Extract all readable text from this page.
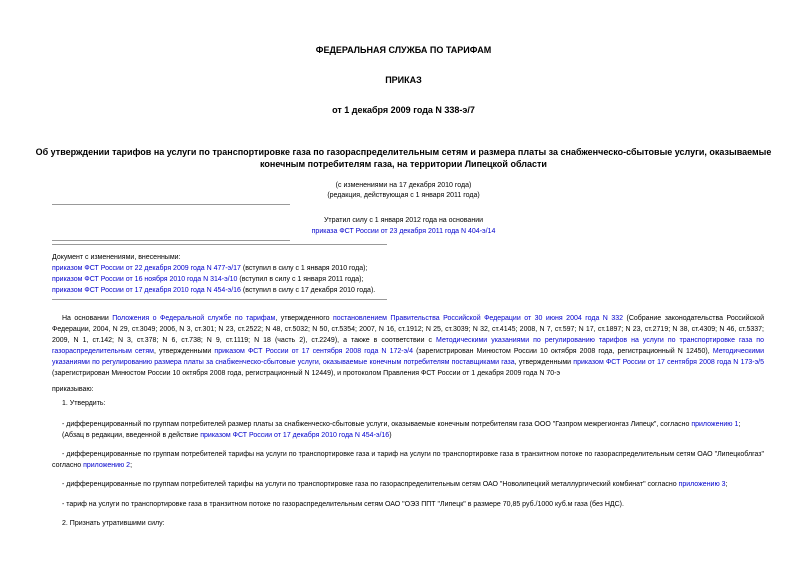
ФЕДЕРАЛЬНАЯ СЛУЖБА ПО ТАРИФАМ
ПРИКАЗ
от 1 декабря 2009 года N 338-э/7
Об утверждении тарифов на услуги по транспортировке газа по газораспределительным сетям и размера платы за снабженческо-сбытовые услуги, оказываемые конечным потребителям газа, на территории Липецкой области
(с изменениями на 17 декабря 2010 года)
(редакция, действующая с 1 января 2011 года)
Утратил силу с 1 января 2012 года на основании
приказа ФСТ России от 23 декабря 2011 года N 404-э/14
Документ с изменениями, внесенными:
приказом ФСТ России от 22 декабря 2009 года N 477-э/17 (вступил в силу с 1 января 2010 года);
приказом ФСТ России от 16 ноября 2010 года N 314-э/10 (вступил в силу с 1 января 2011 года);
приказом ФСТ России от 17 декабря 2010 года N 454-э/16 (вступил в силу с 17 декабря 2010 года).
На основании Положения о Федеральной службе по тарифам, утвержденного постановлением Правительства Российской Федерации от 30 июня 2004 года N 332 (Собрание законодательства Российской Федерации, 2004, N 29, ст.3049; 2006, N 3, ст.301; N 23, ст.2522; N 48, ст.5032; N 50, ст.5354; 2007, N 16, ст.1912; N 25, ст.3039; N 32, ст.4145; 2008, N 7, ст.597; N 17, ст.1897; N 23, ст.2719; N 38, ст.4309; N 46, ст.5337; 2009, N 1, ст.142; N 3, ст.378; N 6, ст.738; N 9, ст.1119; N 18 (часть 2), ст.2249), а также в соответствии с Методическими указаниями по регулированию тарифов на услуги по транспортировке газа по газораспределительным сетям, утвержденными приказом ФСТ России от 17 сентября 2008 года N 172-э/4 (зарегистрирован Минюстом России 10 октября 2008 года, регистрационный N 12450), Методическими указаниями по регулированию размера платы за снабженческо-сбытовые услуги, оказываемые конечным потребителям поставщиками газа, утвержденными приказом ФСТ России от 17 сентября 2008 года N 173-э/5 (зарегистрирован Минюстом России 10 октября 2008 года, регистрационный N 12449), и протоколом Правления ФСТ России от 1 декабря 2009 года N 70-э
приказываю:
1. Утвердить:
- дифференцированный по группам потребителей размер платы за снабженческо-сбытовые услуги, оказываемые конечным потребителям газа ООО "Газпром межрегионгаз Липецк", согласно приложению 1;
(Абзац в редакции, введенной в действие приказом ФСТ России от 17 декабря 2010 года N 454-э/16)
- дифференцированные по группам потребителей тарифы на услуги по транспортировке газа и тариф на услуги по транспортировке газа в транзитном потоке по газораспределительным сетям ОАО "Липецкоблгаз" согласно приложению 2;
- дифференцированные по группам потребителей тарифы на услуги по транспортировке газа по газораспределительным сетям ОАО "Новолипецкий металлургический комбинат" согласно приложению 3;
- тариф на услуги по транспортировке газа в транзитном потоке по газораспределительным сетям ОАО "ОЭЗ ППТ "Липецк" в размере 70,85 руб./1000 куб.м газа (без НДС).
2. Признать утратившими силу:
